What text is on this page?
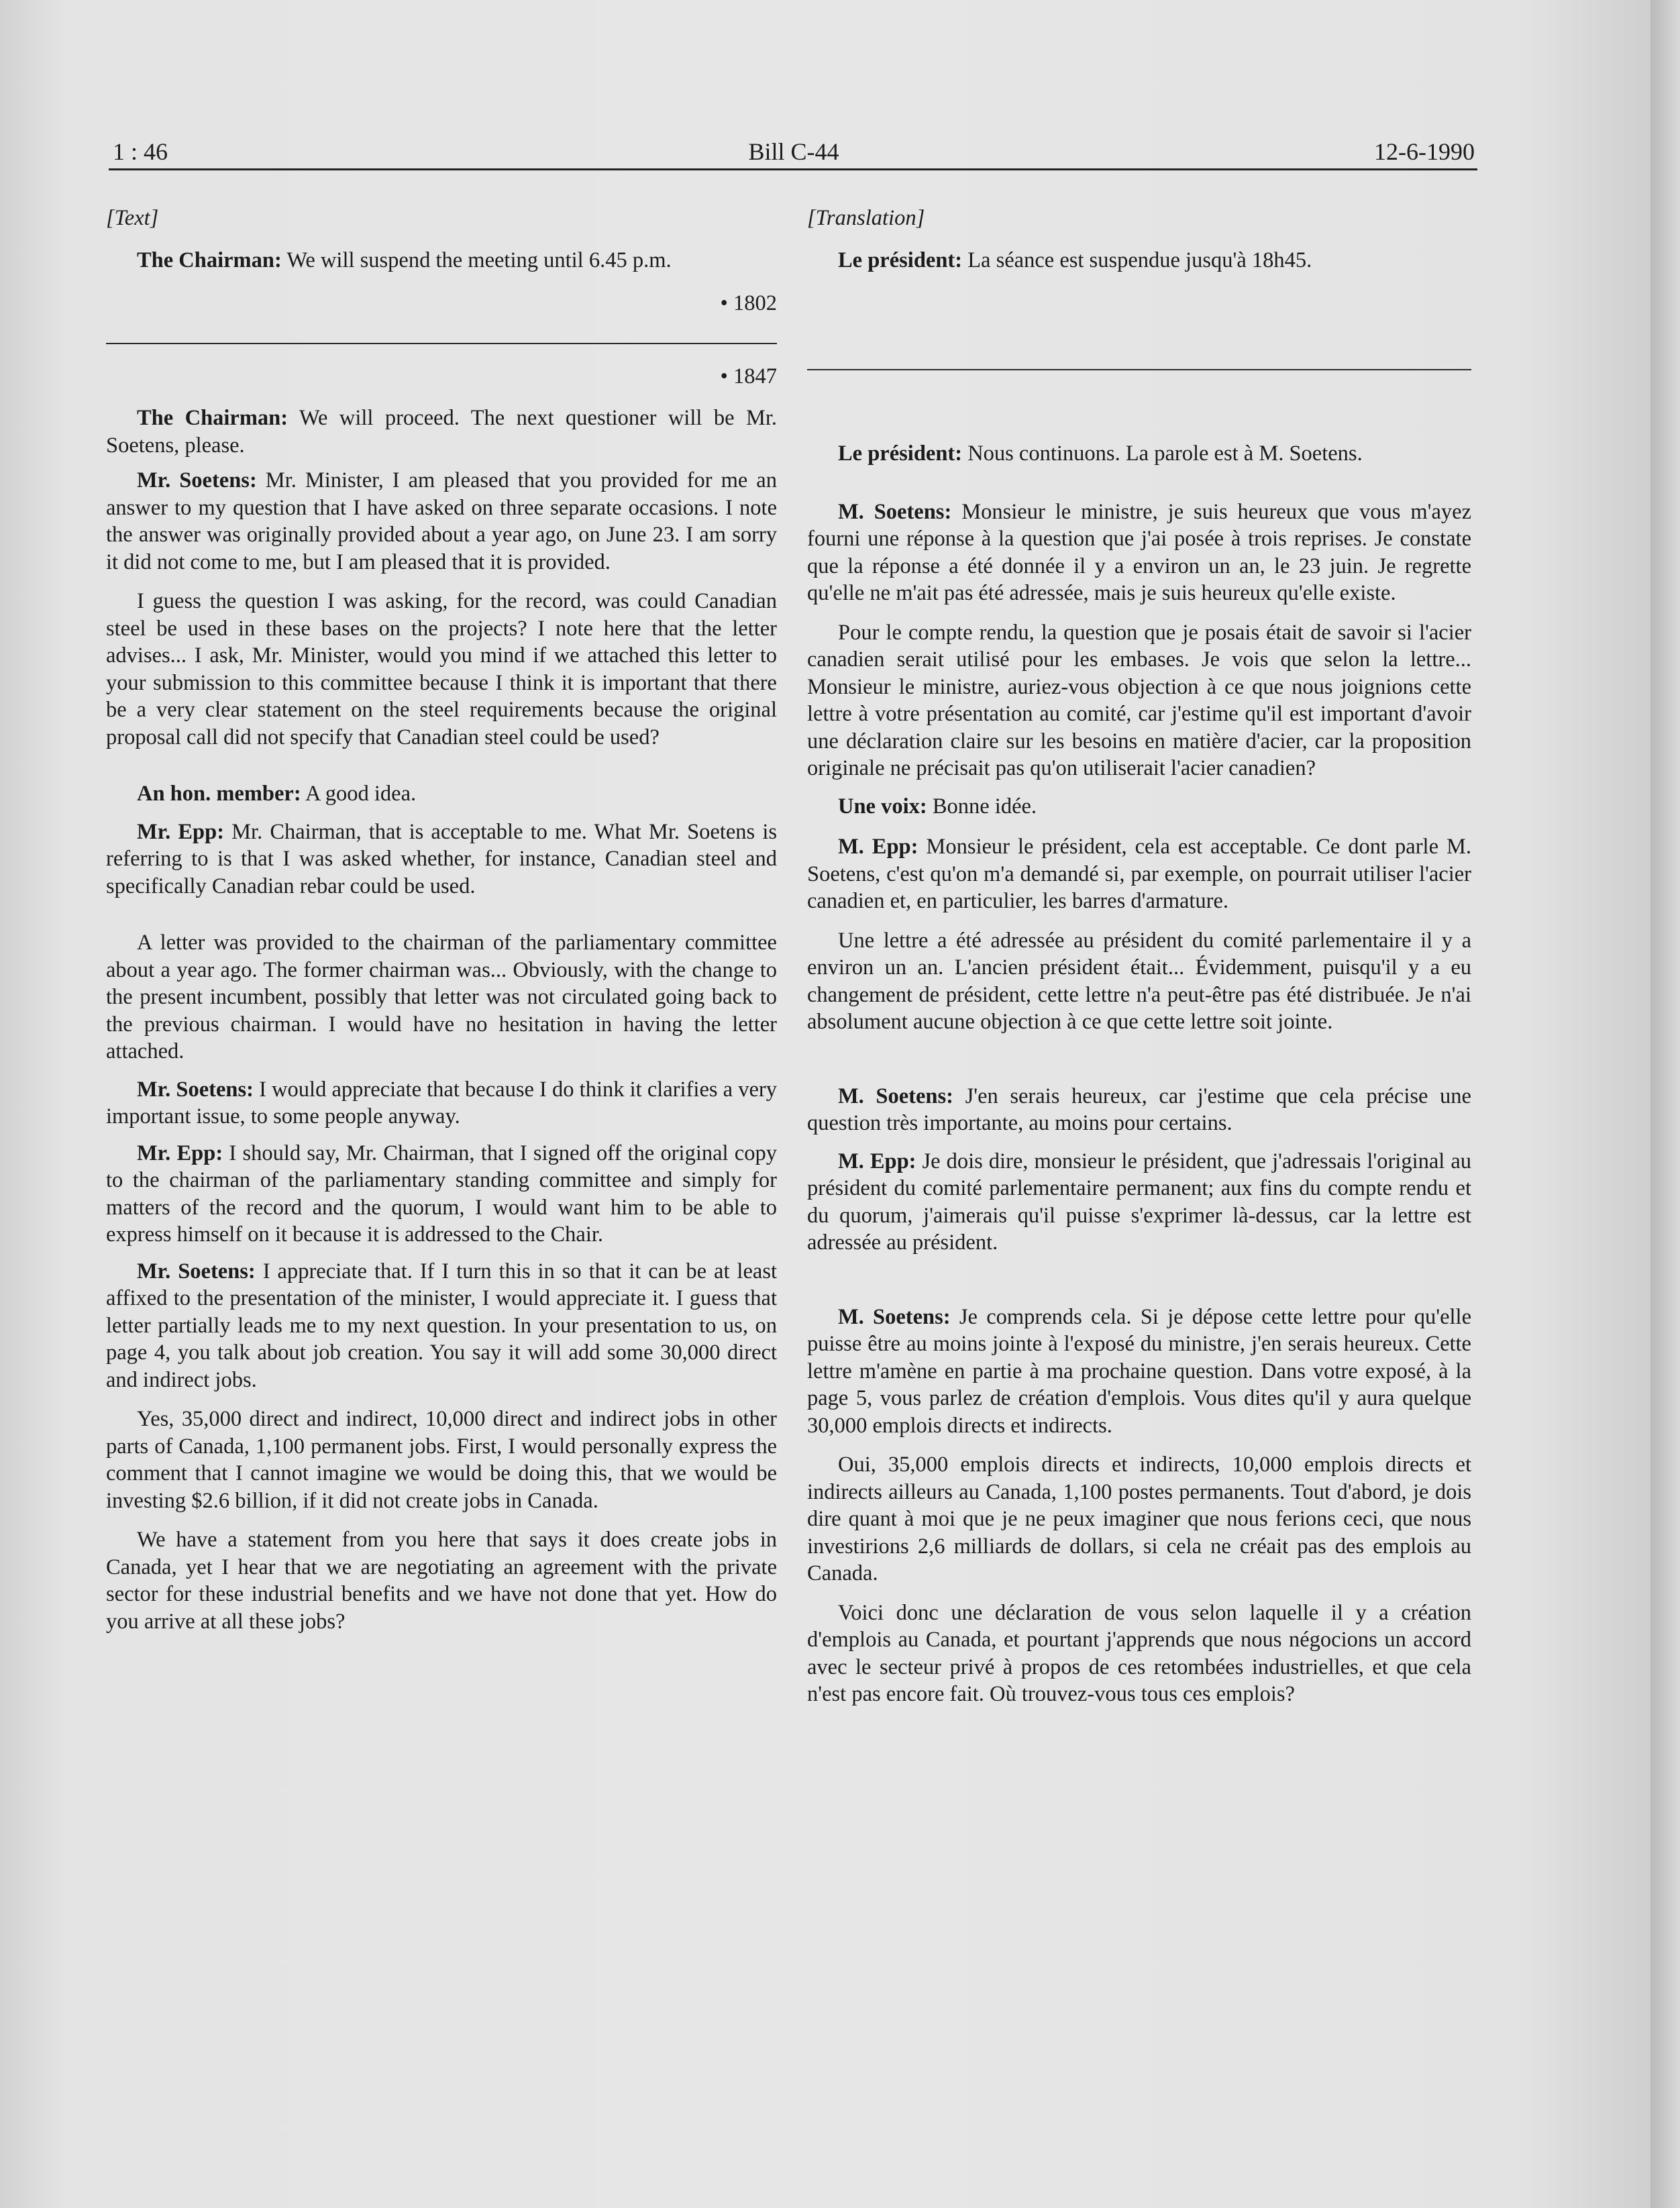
1 : 46	Bill C-44	12-6-1990

[Text]

The Chairman: We will suspend the meeting until 6.45 p.m.

• 1802

• 1847

The Chairman: We will proceed. The next questioner will be Mr. Soetens, please.

Mr. Soetens: Mr. Minister, I am pleased that you provided for me an answer to my question that I have asked on three separate occasions. I note the answer was originally provided about a year ago, on June 23. I am sorry it did not come to me, but I am pleased that it is provided.

I guess the question I was asking, for the record, was could Canadian steel be used in these bases on the projects? I note here that the letter advises... I ask, Mr. Minister, would you mind if we attached this letter to your submission to this committee because I think it is important that there be a very clear statement on the steel requirements because the original proposal call did not specify that Canadian steel could be used?

An hon. member: A good idea.

Mr. Epp: Mr. Chairman, that is acceptable to me. What Mr. Soetens is referring to is that I was asked whether, for instance, Canadian steel and specifically Canadian rebar could be used.

A letter was provided to the chairman of the parliamentary committee about a year ago. The former chairman was... Obviously, with the change to the present incumbent, possibly that letter was not circulated going back to the previous chairman. I would have no hesitation in having the letter attached.

Mr. Soetens: I would appreciate that because I do think it clarifies a very important issue, to some people anyway.

Mr. Epp: I should say, Mr. Chairman, that I signed off the original copy to the chairman of the parliamentary standing committee and simply for matters of the record and the quorum, I would want him to be able to express himself on it because it is addressed to the Chair.

Mr. Soetens: I appreciate that. If I turn this in so that it can be at least affixed to the presentation of the minister, I would appreciate it. I guess that letter partially leads me to my next question. In your presentation to us, on page 4, you talk about job creation. You say it will add some 30,000 direct and indirect jobs.

Yes, 35,000 direct and indirect, 10,000 direct and indirect jobs in other parts of Canada, 1,100 permanent jobs. First, I would personally express the comment that I cannot imagine we would be doing this, that we would be investing $2.6 billion, if it did not create jobs in Canada.

We have a statement from you here that says it does create jobs in Canada, yet I hear that we are negotiating an agreement with the private sector for these industrial benefits and we have not done that yet. How do you arrive at all these jobs?

[Translation]

Le président: La séance est suspendue jusqu'à 18h45.

Le président: Nous continuons. La parole est à M. Soetens.

M. Soetens: Monsieur le ministre, je suis heureux que vous m'ayez fourni une réponse à la question que j'ai posée à trois reprises. Je constate que la réponse a été donnée il y a environ un an, le 23 juin. Je regrette qu'elle ne m'ait pas été adressée, mais je suis heureux qu'elle existe.

Pour le compte rendu, la question que je posais était de savoir si l'acier canadien serait utilisé pour les embases. Je vois que selon la lettre... Monsieur le ministre, auriez-vous objection à ce que nous joignions cette lettre à votre présentation au comité, car j'estime qu'il est important d'avoir une déclaration claire sur les besoins en matière d'acier, car la proposition originale ne précisait pas qu'on utiliserait l'acier canadien?

Une voix: Bonne idée.

M. Epp: Monsieur le président, cela est acceptable. Ce dont parle M. Soetens, c'est qu'on m'a demandé si, par exemple, on pourrait utiliser l'acier canadien et, en particulier, les barres d'armature.

Une lettre a été adressée au président du comité parlementaire il y a environ un an. L'ancien président était... Évidemment, puisqu'il y a eu changement de président, cette lettre n'a peut-être pas été distribuée. Je n'ai absolument aucune objection à ce que cette lettre soit jointe.

M. Soetens: J'en serais heureux, car j'estime que cela précise une question très importante, au moins pour certains.

M. Epp: Je dois dire, monsieur le président, que j'adressais l'original au président du comité parlementaire permanent; aux fins du compte rendu et du quorum, j'aimerais qu'il puisse s'exprimer là-dessus, car la lettre est adressée au président.

M. Soetens: Je comprends cela. Si je dépose cette lettre pour qu'elle puisse être au moins jointe à l'exposé du ministre, j'en serais heureux. Cette lettre m'amène en partie à ma prochaine question. Dans votre exposé, à la page 5, vous parlez de création d'emplois. Vous dites qu'il y aura quelque 30,000 emplois directs et indirects.

Oui, 35,000 emplois directs et indirects, 10,000 emplois directs et indirects ailleurs au Canada, 1,100 postes permanents. Tout d'abord, je dois dire quant à moi que je ne peux imaginer que nous ferions ceci, que nous investirions 2,6 milliards de dollars, si cela ne créait pas des emplois au Canada.

Voici donc une déclaration de vous selon laquelle il y a création d'emplois au Canada, et pourtant j'apprends que nous négocions un accord avec le secteur privé à propos de ces retombées industrielles, et que cela n'est pas encore fait. Où trouvez-vous tous ces emplois?
